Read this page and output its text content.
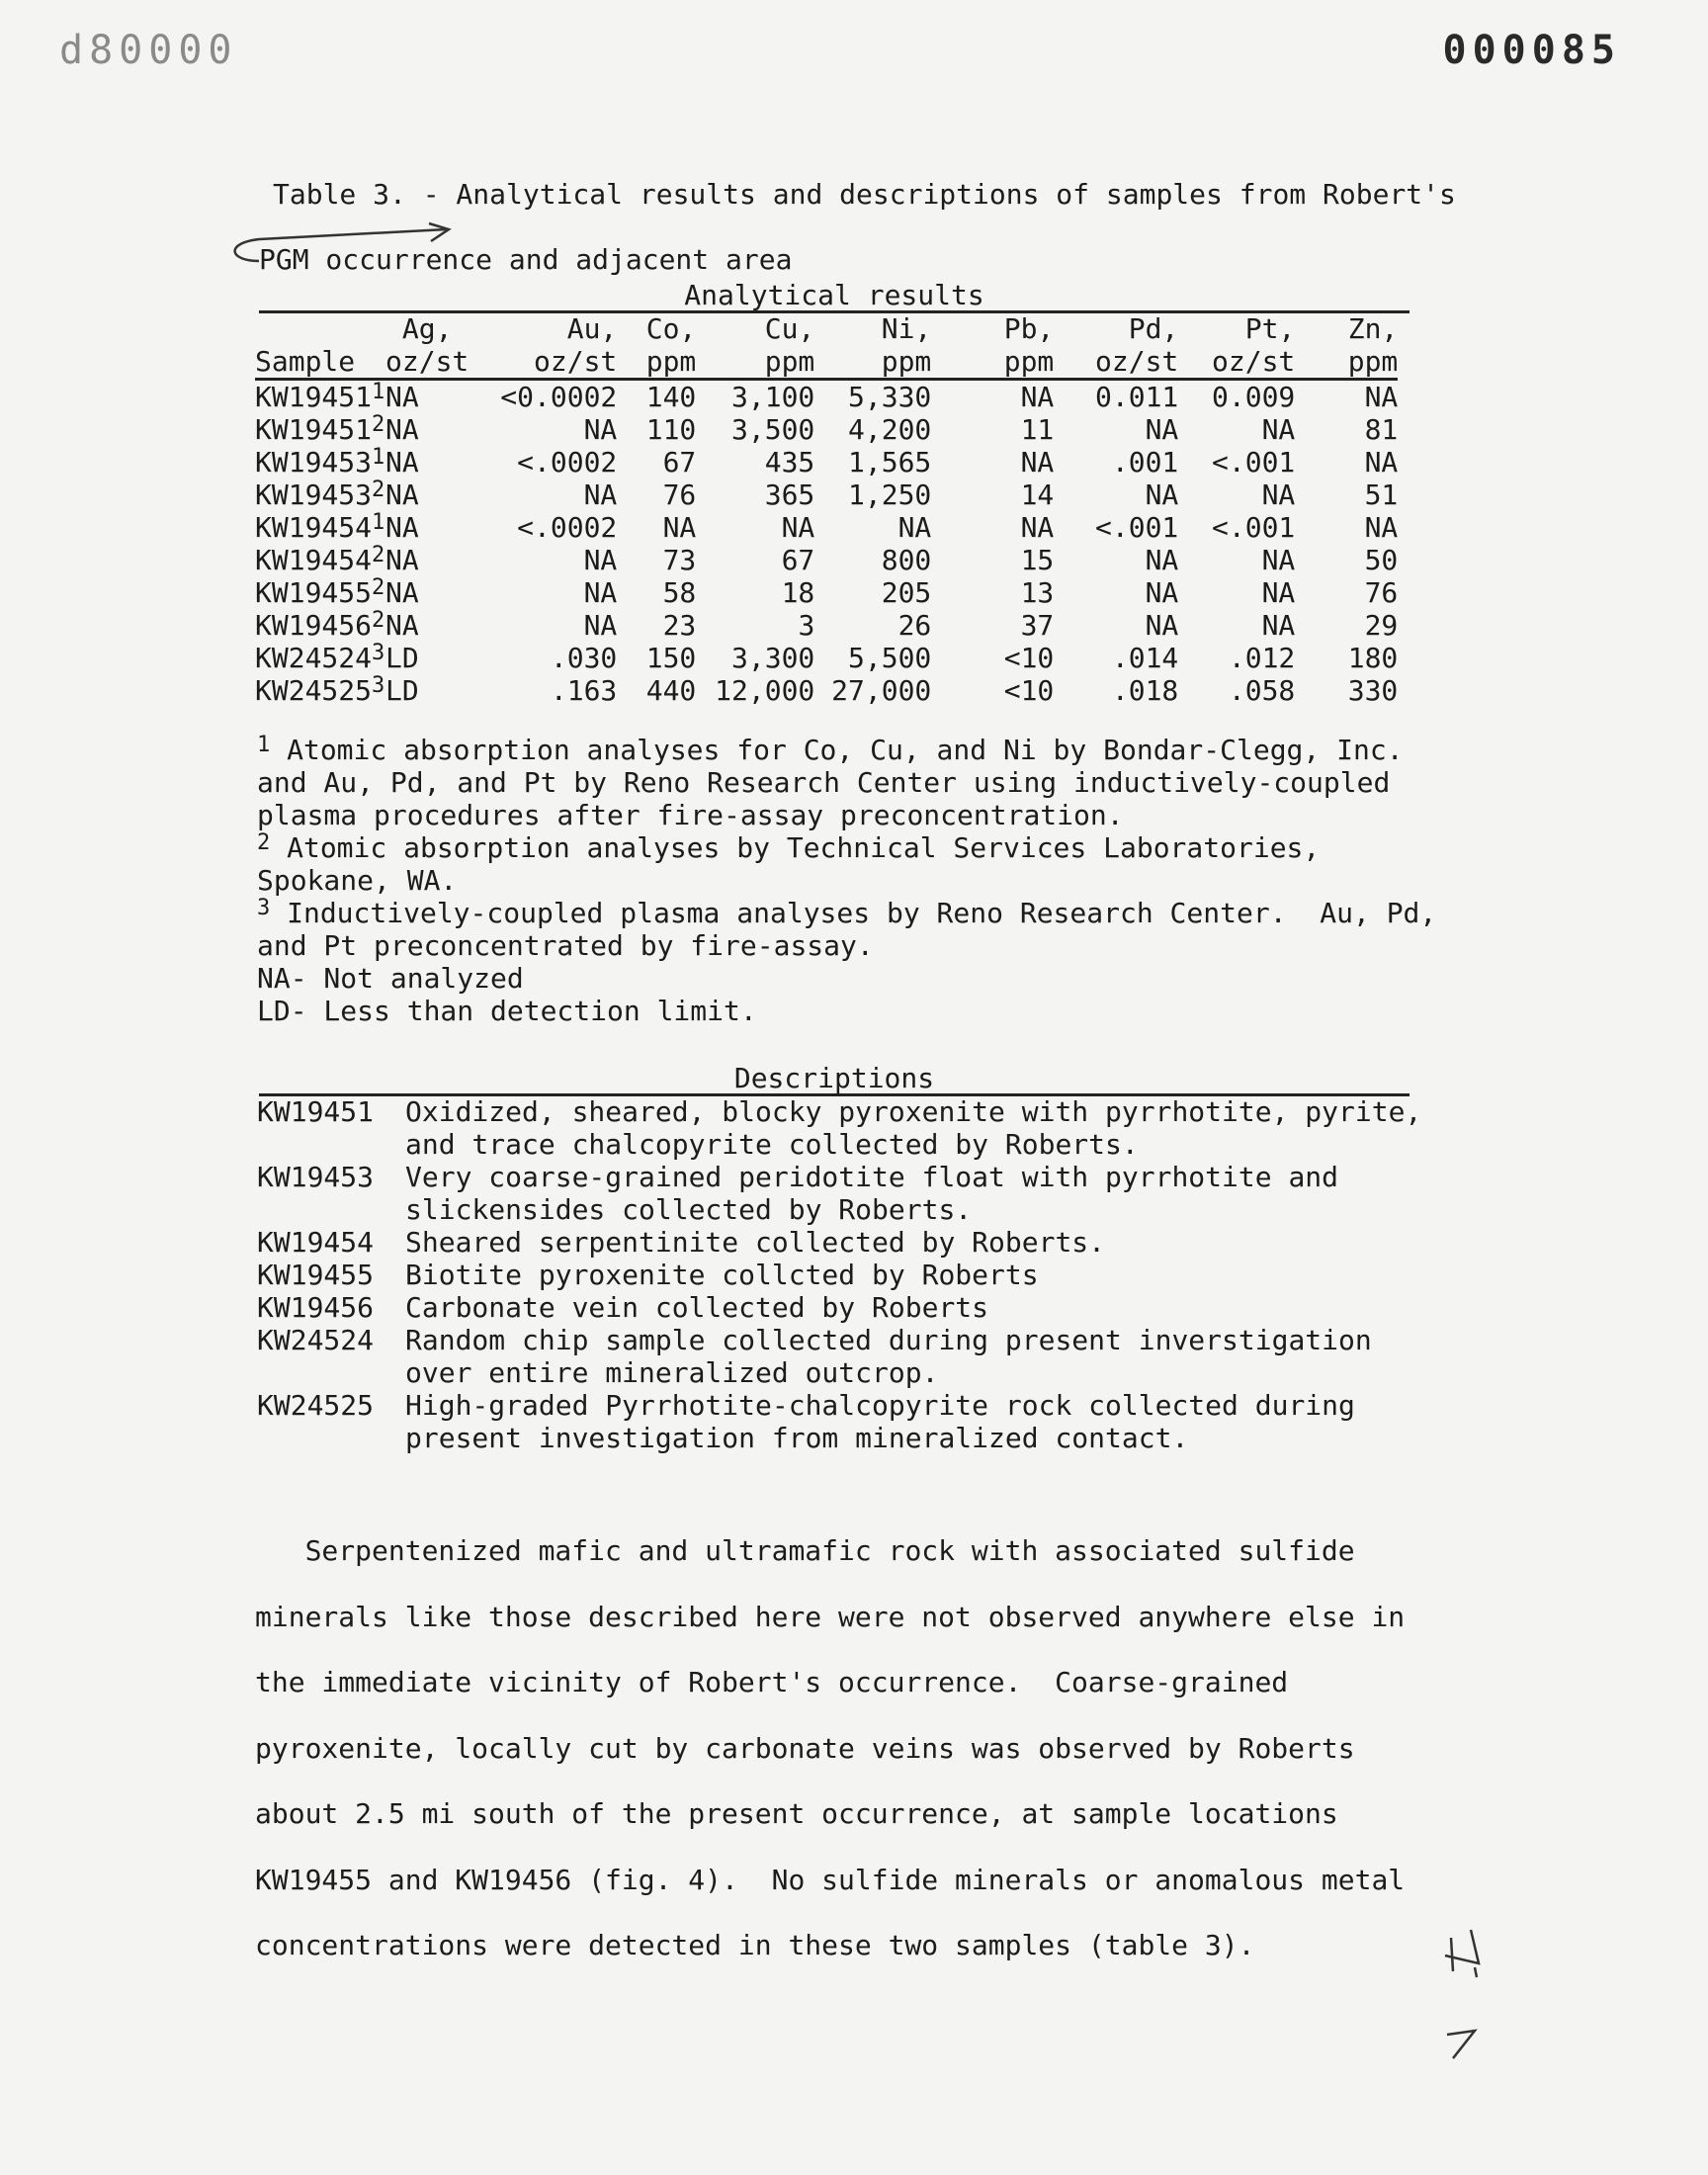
d80000	000085
Table 3. - Analytical results and descriptions of samples from Robert's
PGM occurrence and adjacent area
Analytical results
	Ag,	Au,	Co,	Cu,	Ni,	Pb,	Pd,	Pt,	Zn,
Sample	oz/st	oz/st	ppm	ppm	ppm	ppm	oz/st	oz/st	ppm
KW19451$^1$	NA	<0.0002	140	3,100	5,330	NA	0.011	0.009	NA
KW19451$^2$	NA	NA	110	3,500	4,200	11	NA	NA	81
KW19453$^1$	NA	<.0002	67	435	1,565	NA	.001	<.001	NA
KW19453$^2$	NA	NA	76	365	1,250	14	NA	NA	51
KW19454$^1$	NA	<.0002	NA	NA	NA	NA	<.001	<.001	NA
KW19454$^2$	NA	NA	73	67	800	15	NA	NA	50
KW19455$^2$	NA	NA	58	18	205	13	NA	NA	76
KW19456$^2$	NA	NA	23	3	26	37	NA	NA	29
KW24524$^3$	LD	.030	150	3,300	5,500	<10	.014	.012	180
KW24525$^3$	LD	.163	440	12,000	27,000	<10	.018	.058	330

$^1$ Atomic absorption analyses for Co, Cu, and Ni by Bondar-Clegg, Inc.

and Au, Pd, and Pt by Reno Research Center using inductively-coupled

plasma procedures after fire-assay preconcentration.

$^2$ Atomic absorption analyses by Technical Services Laboratories,

Spokane, WA.

$^3$ Inductively-coupled plasma analyses by Reno Research Center.  Au, Pd,

and Pt preconcentrated by fire-assay.

NA- Not analyzed

LD- Less than detection limit.

Descriptions
KW19451	Oxidized, sheared, blocky pyroxenite with pyrrhotite, pyrite,
and trace chalcopyrite collected by Roberts.
KW19453	Very coarse-grained peridotite float with pyrrhotite and
slickensides collected by Roberts.
KW19454	Sheared serpentinite collected by Roberts.
KW19455	Biotite pyroxenite collcted by Roberts
KW19456	Carbonate vein collected by Roberts
KW24524	Random chip sample collected during present inverstigation
over entire mineralized outcrop.
KW24525	High-graded Pyrrhotite-chalcopyrite rock collected during
present investigation from mineralized contact.

Serpentenized mafic and ultramafic rock with associated sulfide

minerals like those described here were not observed anywhere else in

the immediate vicinity of Robert's occurrence.  Coarse-grained

pyroxenite, locally cut by carbonate veins was observed by Roberts

about 2.5 mi south of the present occurrence, at sample locations

KW19455 and KW19456 (fig. 4).  No sulfide minerals or anomalous metal

concentrations were detected in these two samples (table 3).
